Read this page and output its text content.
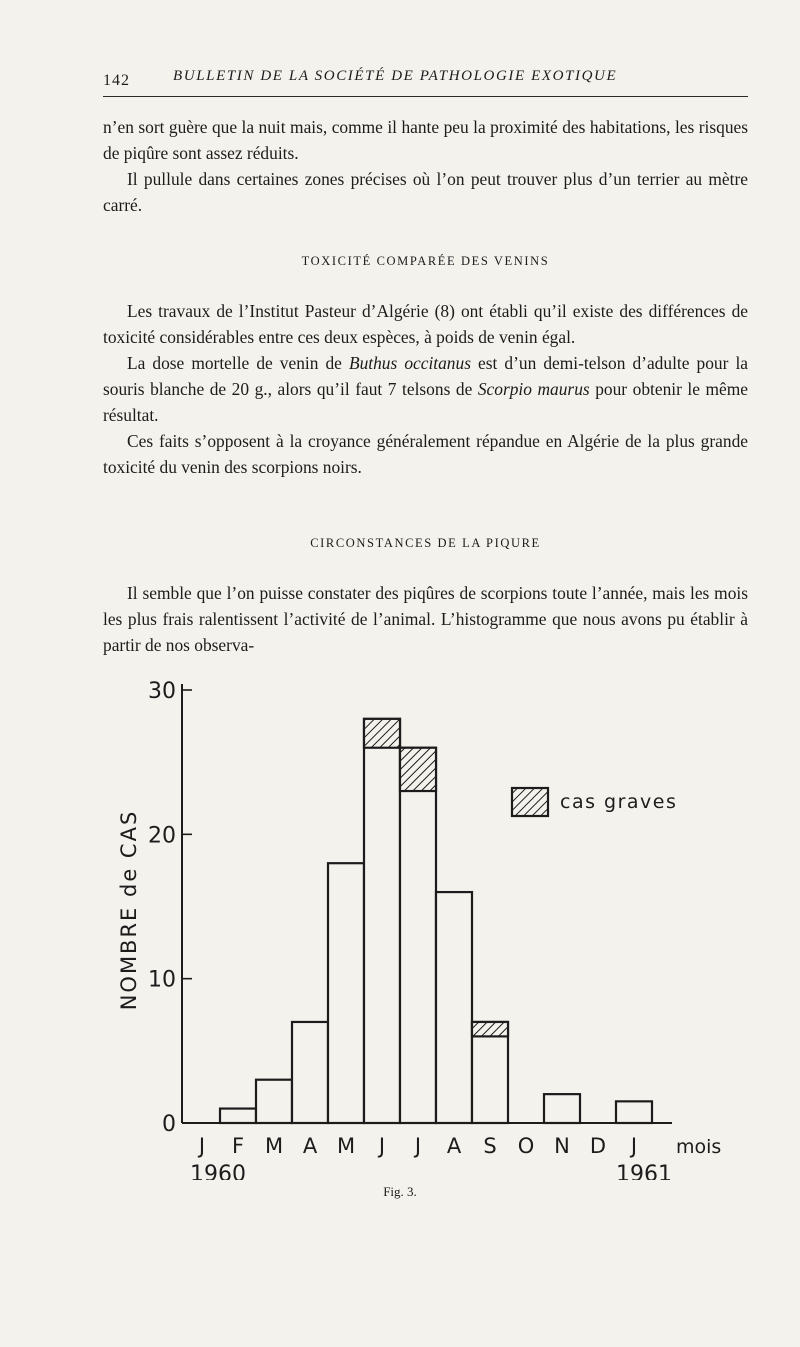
142	BULLETIN DE LA SOCIÉTÉ DE PATHOLOGIE EXOTIQUE

n’en sort guère que la nuit mais, comme il hante peu la proximité des habitations, les risques de piqûre sont assez réduits.

Il pullule dans certaines zones précises où l’on peut trouver plus d’un terrier au mètre carré.

TOXICITÉ COMPARÉE DES VENINS

Les travaux de l’Institut Pasteur d’Algérie (8) ont établi qu’il existe des différences de toxicité considérables entre ces deux espèces, à poids de venin égal.

La dose mortelle de venin de Buthus occitanus est d’un demi-telson d’adulte pour la souris blanche de 20 g., alors qu’il faut 7 telsons de Scorpio maurus pour obtenir le même résultat.

Ces faits s’opposent à la croyance généralement répandue en Algérie de la plus grande toxicité du venin des scorpions noirs.

CIRCONSTANCES DE LA PIQURE

Il semble que l’on puisse constater des piqûres de scorpions toute l’année, mais les mois les plus frais ralentissent l’activité de l’animal. L’histogramme que nous avons pu établir à partir de nos observa-

0
10
20
30
NOMBRE de CAS
J F M A M J J A S O N D J mois
1960	1961
cas graves
Fig. 3.
